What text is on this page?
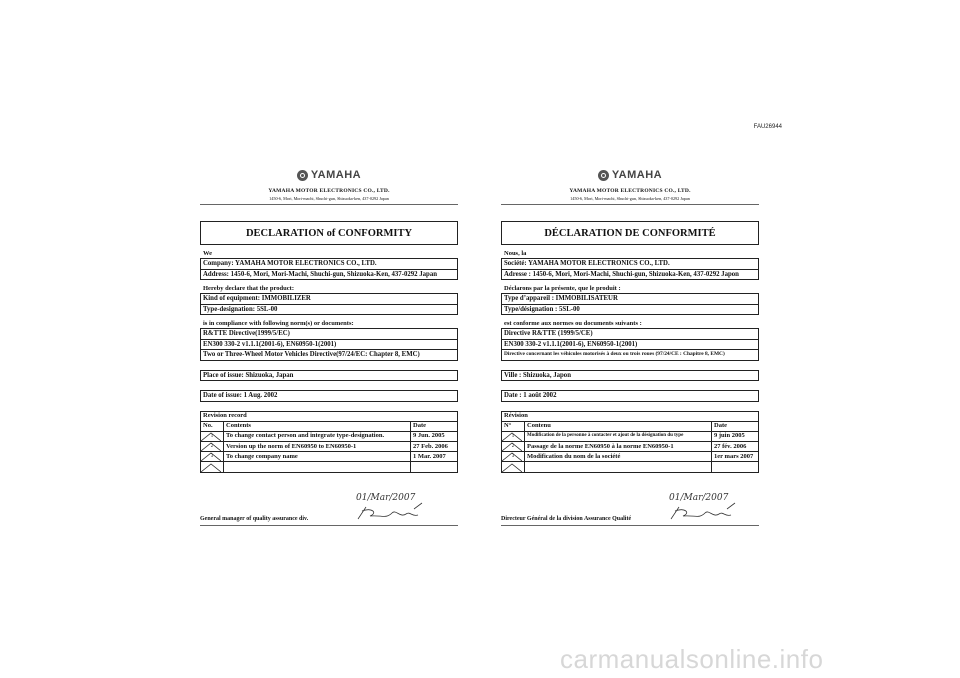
FAU26944
YAMAHA
YAMAHA MOTOR ELECTRONICS CO., LTD.
1450-6, Mori, Mori-machi, Shuchi-gun, Shizuoka-ken, 437-0292 Japan
DECLARATION of CONFORMITY
We
Company: YAMAHA MOTOR ELECTRONICS CO., LTD.
Address: 1450-6, Mori, Mori-Machi, Shuchi-gun, Shizuoka-Ken, 437-0292 Japan
Hereby declare that the product:
Kind of equipment: IMMOBILIZER
Type-designation: 5SL-00
is in compliance with following norm(s) or documents:
R&TTE Directive(1999/5/EC)
EN300 330-2 v1.1.1(2001-6), EN60950-1(2001)
Two or Three-Wheel Motor Vehicles Directive(97/24/EC: Chapter 8, EMC)
Place of issue: Shizuoka, Japan
Date of issue: 1 Aug. 2002
Revision record		
No.	Contents	Date

1	To change contact person and integrate type-designation.	9 Jun. 2005

2	Version up the norm of EN60950 to EN60950-1	27 Feb. 2006

3	To change company name	1 Mar. 2007

General manager of quality assurance div.
01/Mar/2007
YAMAHA
YAMAHA MOTOR ELECTRONICS CO., LTD.
1450-6, Mori, Mori-machi, Shuchi-gun, Shizuoka-ken, 437-0292 Japan
DÉCLARATION DE CONFORMITÉ
Nous, la
Société: YAMAHA MOTOR ELECTRONICS CO., LTD.
Adresse : 1450-6, Mori, Mori-Machi, Shuchi-gun, Shizuoka-Ken, 437-0292 Japon
Déclarons par la présente, que le produit :
Type d’appareil : IMMOBILISATEUR
Type/désignation : 5SL-00
est conforme aux normes ou documents suivants :
Directive R&TTE (1999/5/CE)
EN300 330-2 v1.1.1(2001-6), EN60950-1(2001)
Directive concernant les véhicules motorisés à deux ou trois roues (97/24/CE : Chapitre 8, EMC)
Ville : Shizuoka, Japon
Date : 1 août 2002
Révision		
N°	Contenu	Date

1	Modification de la personne à contacter et ajout de la désignation du type	9 juin 2005

2	Passage de la norme EN60950 à la norme EN60950-1	27 fév. 2006

3	Modification du nom de la société	1er mars 2007

Directeur Général de la division Assurance Qualité
01/Mar/2007
carmanualsonline.info
